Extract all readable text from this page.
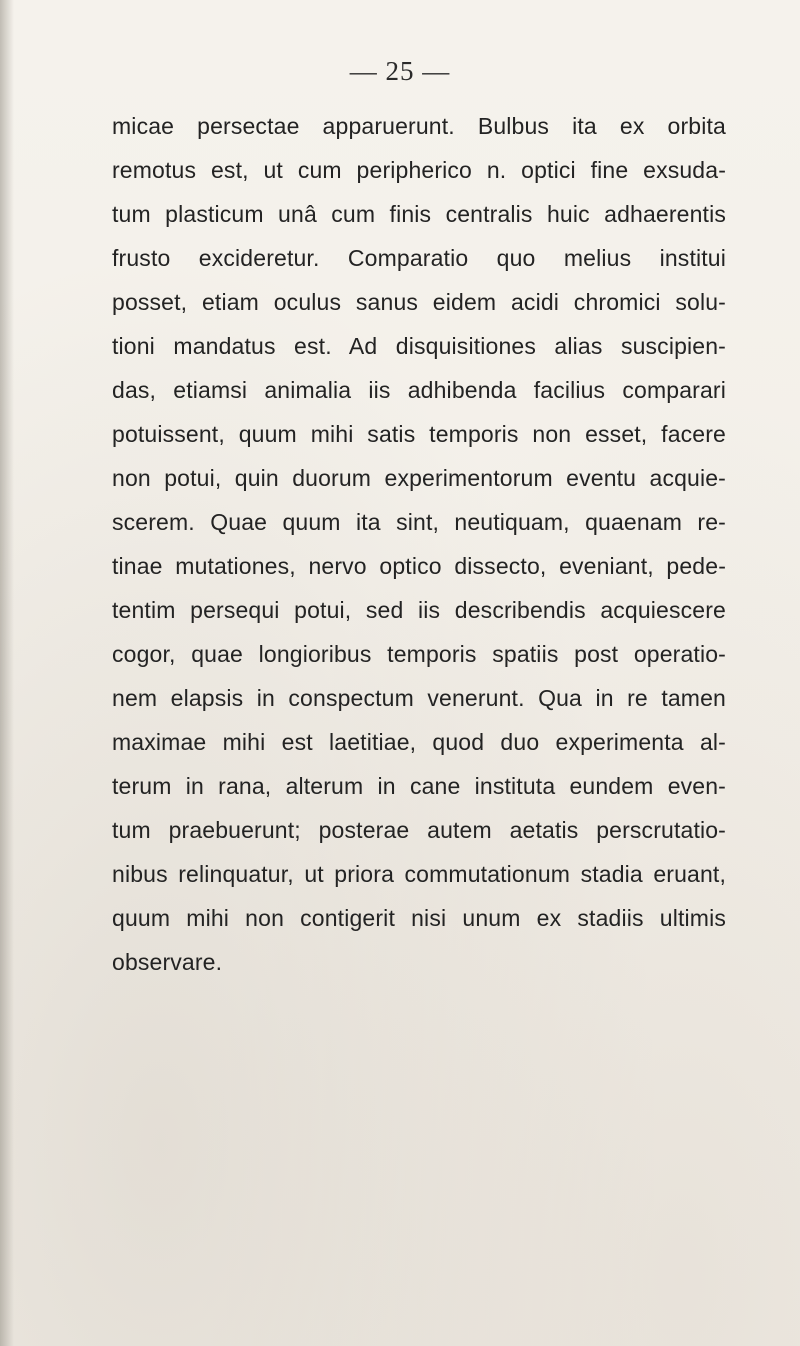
— 25 —
micae persectae apparuerunt. Bulbus ita ex orbita
remotus est, ut cum peripherico n. optici fine exsuda-
tum plasticum unâ cum finis centralis huic adhaerentis
frusto excideretur. Comparatio quo melius institui
posset, etiam oculus sanus eidem acidi chromici solu-
tioni mandatus est. Ad disquisitiones alias suscipien-
das, etiamsi animalia iis adhibenda facilius comparari
potuissent, quum mihi satis temporis non esset, facere
non potui, quin duorum experimentorum eventu acquie-
scerem. Quae quum ita sint, neutiquam, quaenam re-
tinae mutationes, nervo optico dissecto, eveniant, pede-
tentim persequi potui, sed iis describendis acquiescere
cogor, quae longioribus temporis spatiis post operatio-
nem elapsis in conspectum venerunt. Qua in re tamen
maximae mihi est laetitiae, quod duo experimenta al-
terum in rana, alterum in cane instituta eundem even-
tum praebuerunt; posterae autem aetatis perscrutatio-
nibus relinquatur, ut priora commutationum stadia eruant,
quum mihi non contigerit nisi unum ex stadiis ultimis
observare.
